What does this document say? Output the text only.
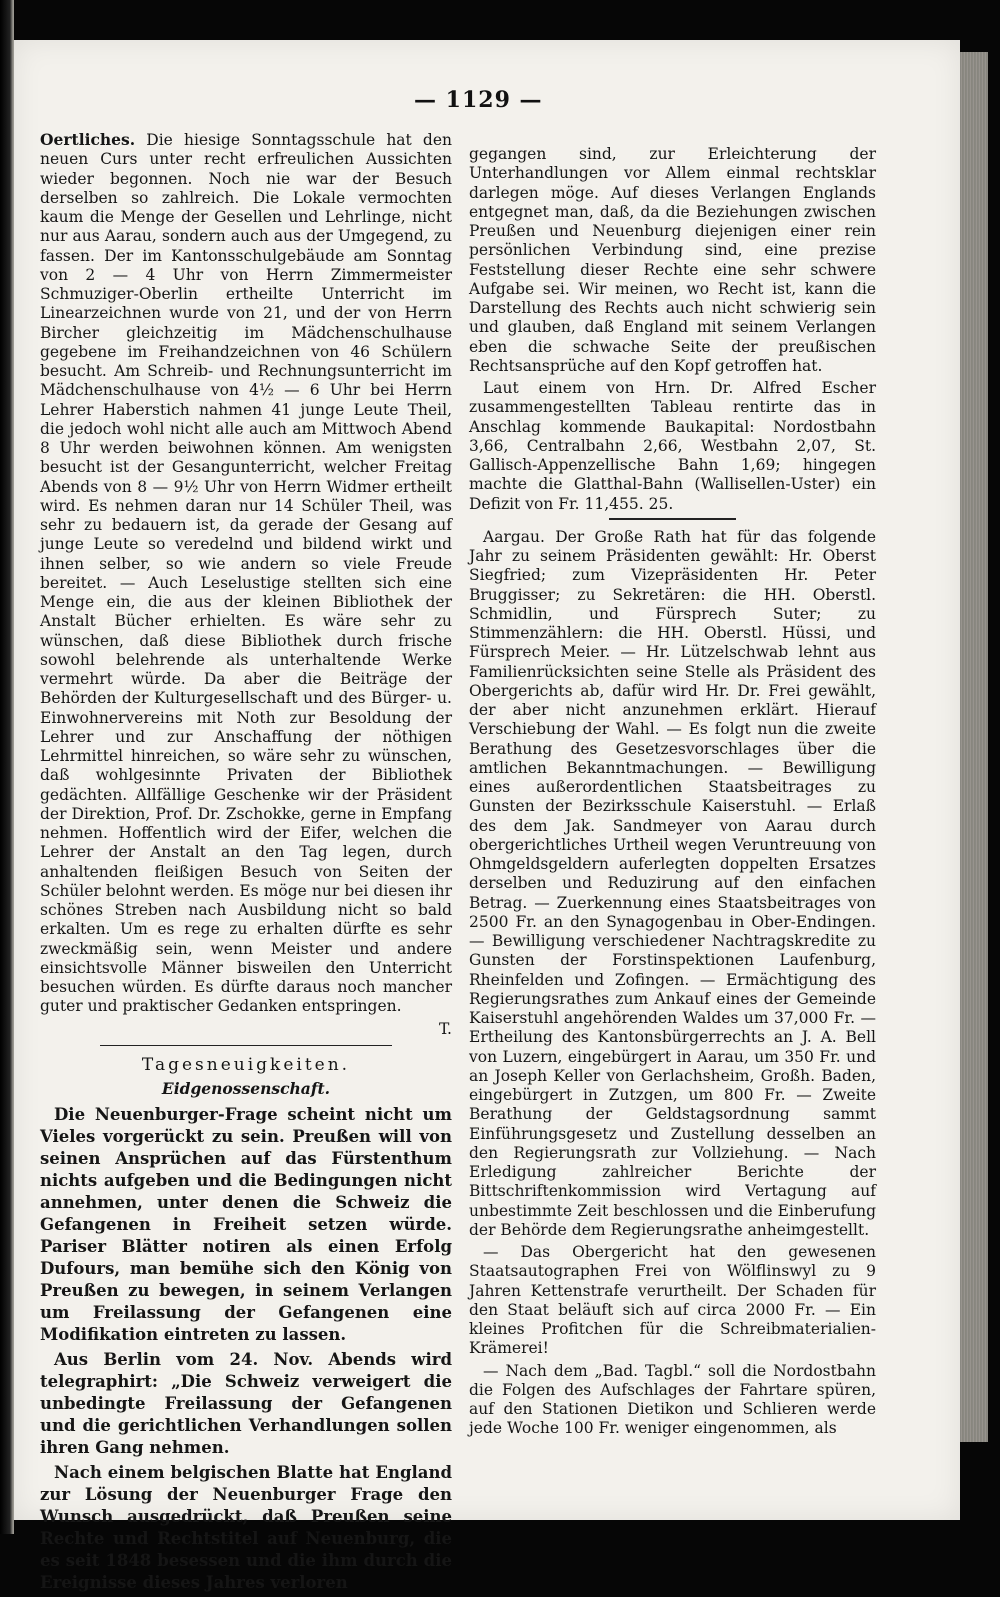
— 1129 —

Oertliches. Die hiesige Sonntagsschule hat den neuen Curs unter recht erfreulichen Aussichten wieder begonnen. Noch nie war der Besuch derselben so zahlreich. Die Lokale vermochten kaum die Menge der Gesellen und Lehrlinge, nicht nur aus Aarau, sondern auch aus der Umgegend, zu fassen. Der im Kantonsschulgebäude am Sonntag von 2 — 4 Uhr von Herrn Zimmermeister Schmuziger-Oberlin ertheilte Unterricht im Linearzeichnen wurde von 21, und der von Herrn Bircher gleichzeitig im Mädchenschulhause gegebene im Freihandzeichnen von 46 Schülern besucht. Am Schreib- und Rechnungsunterricht im Mädchenschulhause von 4½ — 6 Uhr bei Herrn Lehrer Haberstich nahmen 41 junge Leute Theil, die jedoch wohl nicht alle auch am Mittwoch Abend 8 Uhr werden beiwohnen können. Am wenigsten besucht ist der Gesangunterricht, welcher Freitag Abends von 8 — 9½ Uhr von Herrn Widmer ertheilt wird. Es nehmen daran nur 14 Schüler Theil, was sehr zu bedauern ist, da gerade der Gesang auf junge Leute so veredelnd und bildend wirkt und ihnen selber, so wie andern so viele Freude bereitet. — Auch Leselustige stellten sich eine Menge ein, die aus der kleinen Bibliothek der Anstalt Bücher erhielten. Es wäre sehr zu wünschen, daß diese Bibliothek durch frische sowohl belehrende als unterhaltende Werke vermehrt würde. Da aber die Beiträge der Behörden der Kulturgesellschaft und des Bürger- u. Einwohnervereins mit Noth zur Besoldung der Lehrer und zur Anschaffung der nöthigen Lehrmittel hinreichen, so wäre sehr zu wünschen, daß wohlgesinnte Privaten der Bibliothek gedächten. Allfällige Geschenke wir der Präsident der Direktion, Prof. Dr. Zschokke, gerne in Empfang nehmen. Hoffentlich wird der Eifer, welchen die Lehrer der Anstalt an den Tag legen, durch anhaltenden fleißigen Besuch von Seiten der Schüler belohnt werden. Es möge nur bei diesen ihr schönes Streben nach Ausbildung nicht so bald erkalten. Um es rege zu erhalten dürfte es sehr zweckmäßig sein, wenn Meister und andere einsichtsvolle Männer bisweilen den Unterricht besuchen würden. Es dürfte daraus noch mancher guter und praktischer Gedanken entspringen.

T.

Tagesneuigkeiten.
Eidgenossenschaft.

Die Neuenburger-Frage scheint nicht um Vieles vorgerückt zu sein. Preußen will von seinen Ansprüchen auf das Fürstenthum nichts aufgeben und die Bedingungen nicht annehmen, unter denen die Schweiz die Gefangenen in Freiheit setzen würde. Pariser Blätter notiren als einen Erfolg Dufours, man bemühe sich den König von Preußen zu bewegen, in seinem Verlangen um Freilassung der Gefangenen eine Modifikation eintreten zu lassen.

Aus Berlin vom 24. Nov. Abends wird telegraphirt: „Die Schweiz verweigert die unbedingte Freilassung der Gefangenen und die gerichtlichen Verhandlungen sollen ihren Gang nehmen.

Nach einem belgischen Blatte hat England zur Lösung der Neuenburger Frage den Wunsch ausgedrückt, daß Preußen seine Rechte und Rechtstitel auf Neuenburg, die es seit 1848 besessen und die ihm durch die Ereignisse dieses Jahres verloren

gegangen sind, zur Erleichterung der Unterhandlungen vor Allem einmal rechtsklar darlegen möge. Auf dieses Verlangen Englands entgegnet man, daß, da die Beziehungen zwischen Preußen und Neuenburg diejenigen einer rein persönlichen Verbindung sind, eine prezise Feststellung dieser Rechte eine sehr schwere Aufgabe sei. Wir meinen, wo Recht ist, kann die Darstellung des Rechts auch nicht schwierig sein und glauben, daß England mit seinem Verlangen eben die schwache Seite der preußischen Rechtsansprüche auf den Kopf getroffen hat.

Laut einem von Hrn. Dr. Alfred Escher zusammengestellten Tableau rentirte das in Anschlag kommende Baukapital: Nordostbahn 3,66, Centralbahn 2,66, Westbahn 2,07, St. Gallisch-Appenzellische Bahn 1,69; hingegen machte die Glatthal-Bahn (Wallisellen-Uster) ein Defizit von Fr. 11,455. 25.

Aargau. Der Große Rath hat für das folgende Jahr zu seinem Präsidenten gewählt: Hr. Oberst Siegfried; zum Vizepräsidenten Hr. Peter Bruggisser; zu Sekretären: die HH. Oberstl. Schmidlin, und Fürsprech Suter; zu Stimmenzählern: die HH. Oberstl. Hüssi, und Fürsprech Meier. — Hr. Lützelschwab lehnt aus Familienrücksichten seine Stelle als Präsident des Obergerichts ab, dafür wird Hr. Dr. Frei gewählt, der aber nicht anzunehmen erklärt. Hierauf Verschiebung der Wahl. — Es folgt nun die zweite Berathung des Gesetzesvorschlages über die amtlichen Bekanntmachungen. — Bewilligung eines außerordentlichen Staatsbeitrages zu Gunsten der Bezirksschule Kaiserstuhl. — Erlaß des dem Jak. Sandmeyer von Aarau durch obergerichtliches Urtheil wegen Veruntreuung von Ohmgeldsgeldern auferlegten doppelten Ersatzes derselben und Reduzirung auf den einfachen Betrag. — Zuerkennung eines Staatsbeitrages von 2500 Fr. an den Synagogenbau in Ober-Endingen. — Bewilligung verschiedener Nachtragskredite zu Gunsten der Forstinspektionen Laufenburg, Rheinfelden und Zofingen. — Ermächtigung des Regierungsrathes zum Ankauf eines der Gemeinde Kaiserstuhl angehörenden Waldes um 37,000 Fr. — Ertheilung des Kantonsbürgerrechts an J. A. Bell von Luzern, eingebürgert in Aarau, um 350 Fr. und an Joseph Keller von Gerlachsheim, Großh. Baden, eingebürgert in Zutzgen, um 800 Fr. — Zweite Berathung der Geldstagsordnung sammt Einführungsgesetz und Zustellung desselben an den Regierungsrath zur Vollziehung. — Nach Erledigung zahlreicher Berichte der Bittschriftenkommission wird Vertagung auf unbestimmte Zeit beschlossen und die Einberufung der Behörde dem Regierungsrathe anheimgestellt.

— Das Obergericht hat den gewesenen Staatsautographen Frei von Wölflinswyl zu 9 Jahren Kettenstrafe verurtheilt. Der Schaden für den Staat beläuft sich auf circa 2000 Fr. — Ein kleines Profitchen für die Schreibmaterialien-Krämerei!

— Nach dem „Bad. Tagbl.“ soll die Nordostbahn die Folgen des Aufschlages der Fahrtare spüren, auf den Stationen Dietikon und Schlieren werde jede Woche 100 Fr. weniger eingenommen, als
